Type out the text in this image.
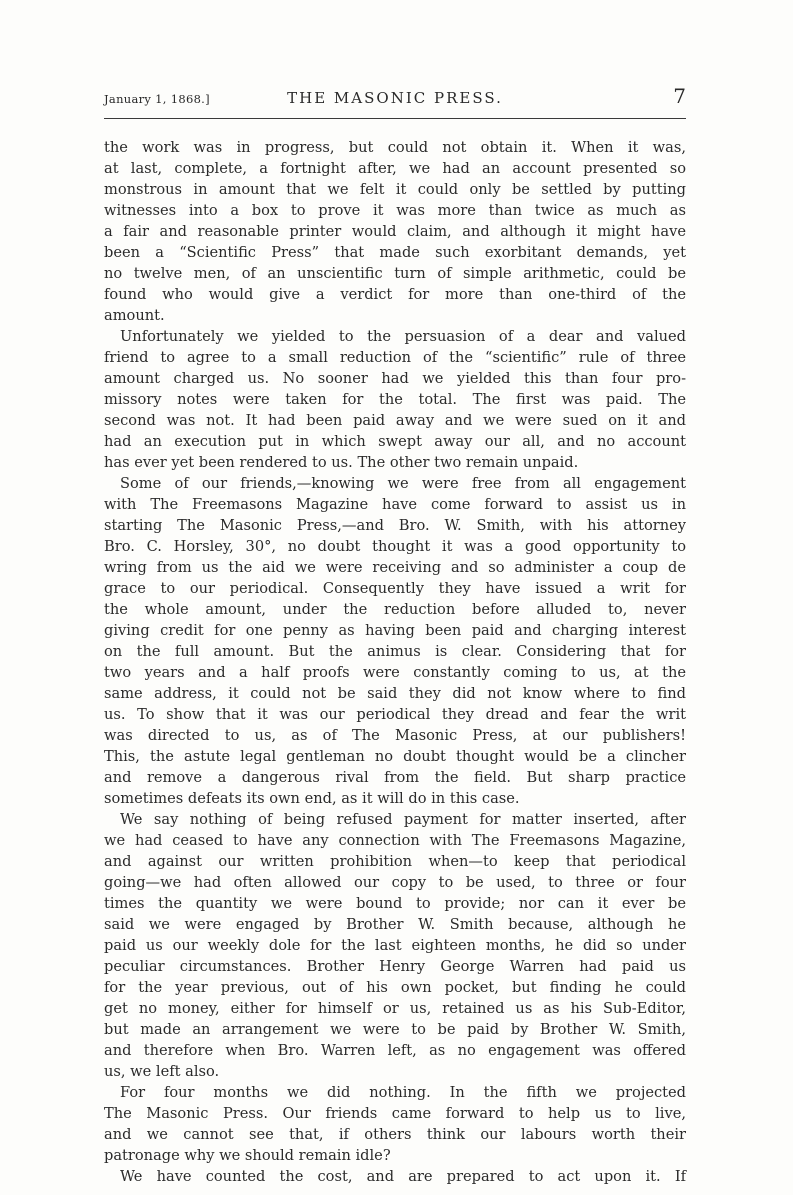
January 1, 1868.]	THE MASONIC PRESS.	7
the work was in progress, but could not obtain it. When it was,
at last, complete, a fortnight after, we had an account presented so
monstrous in amount that we felt it could only be settled by putting
witnesses into a box to prove it was more than twice as much as
a fair and reasonable printer would claim, and although it might have
been a “Scientific Press” that made such exorbitant demands, yet
no twelve men, of an unscientific turn of simple arithmetic, could be
found who would give a verdict for more than one-third of the
amount.
Unfortunately we yielded to the persuasion of a dear and valued
friend to agree to a small reduction of the “scientific” rule of three
amount charged us. No sooner had we yielded this than four pro-
missory notes were taken for the total. The first was paid. The
second was not. It had been paid away and we were sued on it and
had an execution put in which swept away our all, and no account
has ever yet been rendered to us. The other two remain unpaid.
Some of our friends,—knowing we were free from all engagement
with The Freemasons Magazine have come forward to assist us in
starting The Masonic Press,—and Bro. W. Smith, with his attorney
Bro. C. Horsley, 30°, no doubt thought it was a good opportunity to
wring from us the aid we were receiving and so administer a coup de
grace to our periodical. Consequently they have issued a writ for
the whole amount, under the reduction before alluded to, never
giving credit for one penny as having been paid and charging interest
on the full amount. But the animus is clear. Considering that for
two years and a half proofs were constantly coming to us, at the
same address, it could not be said they did not know where to find
us. To show that it was our periodical they dread and fear the writ
was directed to us, as of The Masonic Press, at our publishers!
This, the astute legal gentleman no doubt thought would be a clincher
and remove a dangerous rival from the field. But sharp practice
sometimes defeats its own end, as it will do in this case.
We say nothing of being refused payment for matter inserted, after
we had ceased to have any connection with The Freemasons Magazine,
and against our written prohibition when—to keep that periodical
going—we had often allowed our copy to be used, to three or four
times the quantity we were bound to provide; nor can it ever be
said we were engaged by Brother W. Smith because, although he
paid us our weekly dole for the last eighteen months, he did so under
peculiar circumstances. Brother Henry George Warren had paid us
for the year previous, out of his own pocket, but finding he could
get no money, either for himself or us, retained us as his Sub-Editor,
but made an arrangement we were to be paid by Brother W. Smith,
and therefore when Bro. Warren left, as no engagement was offered
us, we left also.
For four months we did nothing. In the fifth we projected
The Masonic Press. Our friends came forward to help us to live,
and we cannot see that, if others think our labours worth their
patronage why we should remain idle?
We have counted the cost, and are prepared to act upon it. If
